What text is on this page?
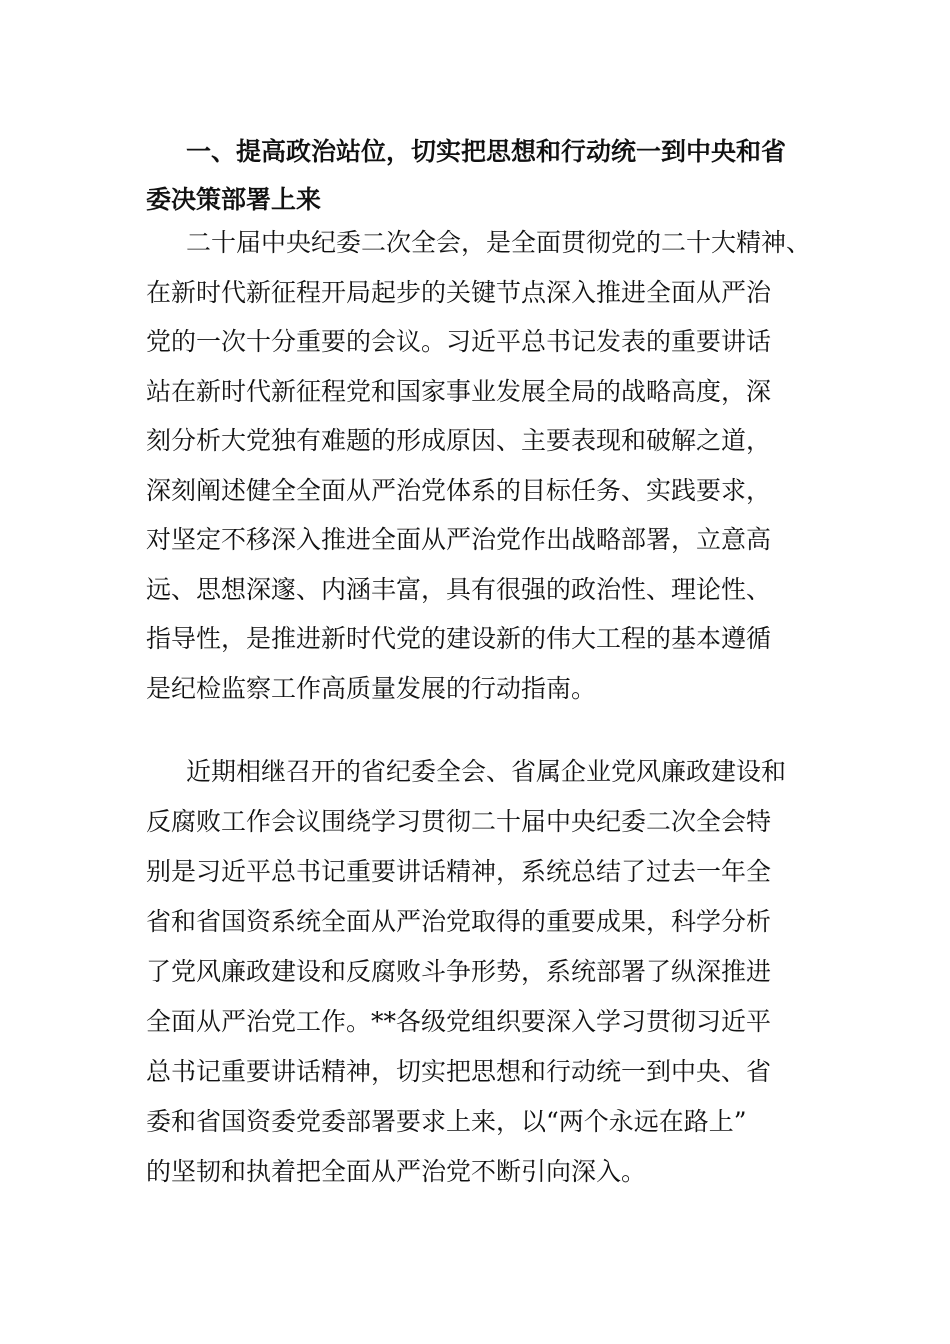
一、提高政治站位，切实把思想和行动统一到中央和省
委决策部署上来

二十届中央纪委二次全会，是全面贯彻党的二十大精神、
在新时代新征程开局起步的关键节点深入推进全面从严治
党的一次十分重要的会议。习近平总书记发表的重要讲话
站在新时代新征程党和国家事业发展全局的战略高度，深
刻分析大党独有难题的形成原因、主要表现和破解之道，
深刻阐述健全全面从严治党体系的目标任务、实践要求，
对坚定不移深入推进全面从严治党作出战略部署，立意高
远、思想深邃、内涵丰富，具有很强的政治性、理论性、
指导性，是推进新时代党的建设新的伟大工程的基本遵循
是纪检监察工作高质量发展的行动指南。

近期相继召开的省纪委全会、省属企业党风廉政建设和
反腐败工作会议围绕学习贯彻二十届中央纪委二次全会特
别是习近平总书记重要讲话精神，系统总结了过去一年全
省和省国资系统全面从严治党取得的重要成果，科学分析
了党风廉政建设和反腐败斗争形势，系统部署了纵深推进
全面从严治党工作。**各级党组织要深入学习贯彻习近平
总书记重要讲话精神，切实把思想和行动统一到中央、省
委和省国资委党委部署要求上来，以“两个永远在路上”
的坚韧和执着把全面从严治党不断引向深入。
